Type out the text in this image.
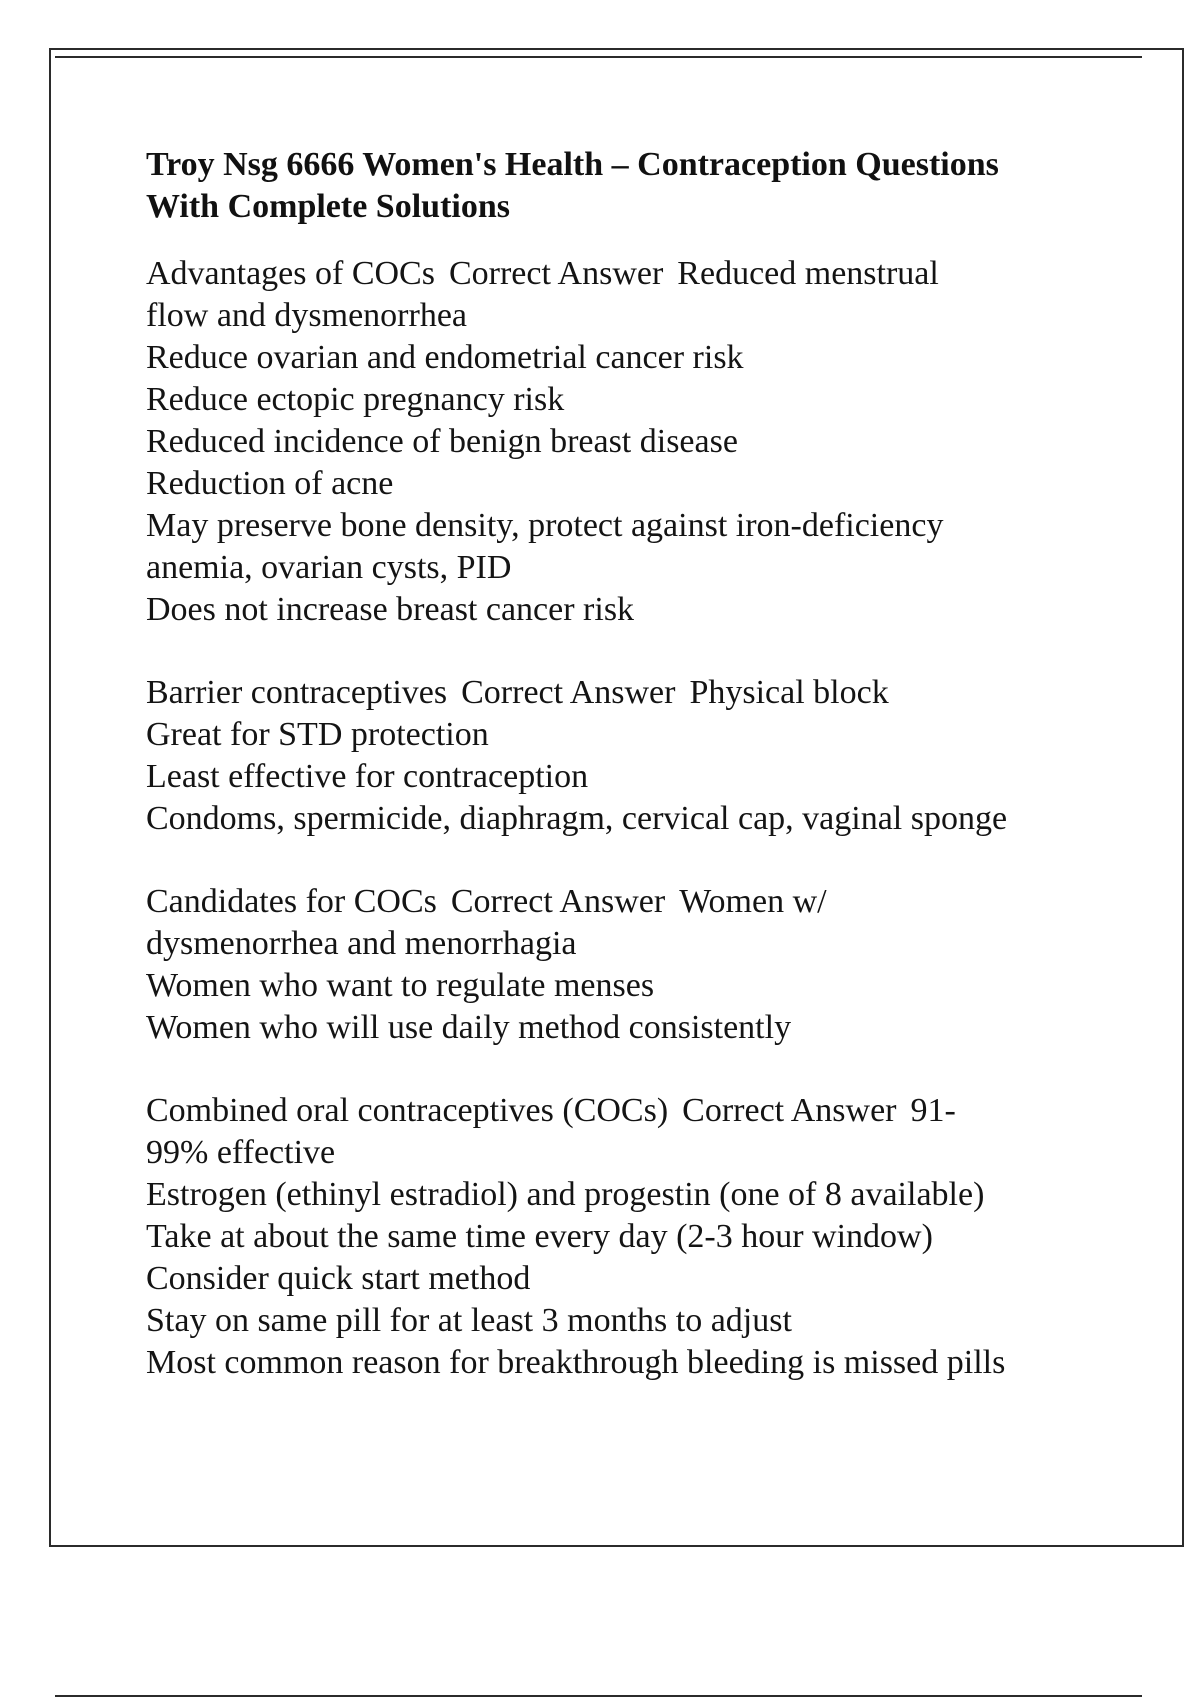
Troy Nsg 6666 Women's Health – Contraception Questions
With Complete Solutions

Advantages of COCs Correct Answer Reduced menstrual

flow and dysmenorrhea

Reduce ovarian and endometrial cancer risk

Reduce ectopic pregnancy risk

Reduced incidence of benign breast disease

Reduction of acne

May preserve bone density, protect against iron-deficiency

anemia, ovarian cysts, PID

Does not increase breast cancer risk

Barrier contraceptives Correct Answer Physical block

Great for STD protection

Least effective for contraception

Condoms, spermicide, diaphragm, cervical cap, vaginal sponge

Candidates for COCs Correct Answer Women w/

dysmenorrhea and menorrhagia

Women who want to regulate menses

Women who will use daily method consistently

Combined oral contraceptives (COCs) Correct Answer 91-

99% effective

Estrogen (ethinyl estradiol) and progestin (one of 8 available)

Take at about the same time every day (2-3 hour window)

Consider quick start method

Stay on same pill for at least 3 months to adjust

Most common reason for breakthrough bleeding is missed pills
